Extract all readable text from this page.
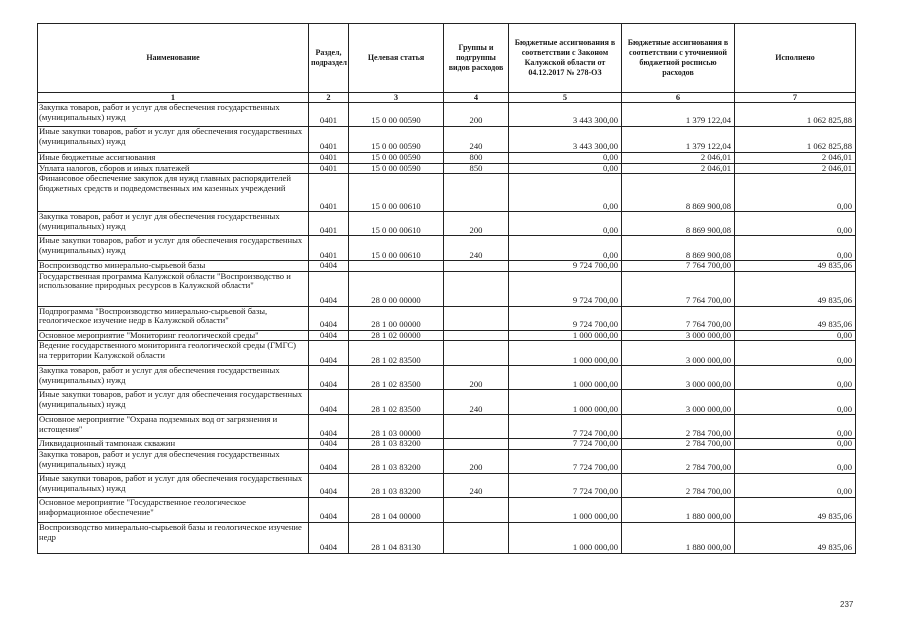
Наименование	Раздел, подраздел	Целевая статья	Группы и подгруппы видов расходов	Бюджетные ассигнования в соответствии с Законом Калужской области от 04.12.2017 № 278-ОЗ	Бюджетные ассигнования в соответствии с уточненной бюджетной росписью расходов	Исполнено
1	2	3	4	5	6	7
Закупка товаров, работ и услуг для обеспечения государственных (муниципальных) нужд	0401	15 0 00 00590	200	3 443 300,00	1 379 122,04	1 062 825,88
Иные закупки товаров, работ и услуг для обеспечения государственных (муниципальных) нужд	0401	15 0 00 00590	240	3 443 300,00	1 379 122,04	1 062 825,88
Иные бюджетные ассигнования	0401	15 0 00 00590	800	0,00	2 046,01	2 046,01
Уплата налогов, сборов и иных платежей	0401	15 0 00 00590	850	0,00	2 046,01	2 046,01
Финансовое обеспечение закупок для нужд главных распорядителей бюджетных средств и подведомственных им казенных учреждений	0401	15 0 00 00610		0,00	8 869 900,08	0,00
Закупка товаров, работ и услуг для обеспечения государственных (муниципальных) нужд	0401	15 0 00 00610	200	0,00	8 869 900,08	0,00
Иные закупки товаров, работ и услуг для обеспечения государственных (муниципальных) нужд	0401	15 0 00 00610	240	0,00	8 869 900,08	0,00
Воспроизводство минерально-сырьевой базы	0404			9 724 700,00	7 764 700,00	49 835,06
Государственная программа Калужской области "Воспроизводство и использование природных ресурсов в Калужской области"	0404	28 0 00 00000		9 724 700,00	7 764 700,00	49 835,06
Подпрограмма "Воспроизводство минерально-сырьевой базы, геологическое изучение недр в Калужской области"	0404	28 1 00 00000		9 724 700,00	7 764 700,00	49 835,06
Основное мероприятие "Мониторинг геологической среды"	0404	28 1 02 00000		1 000 000,00	3 000 000,00	0,00
Ведение государственного мониторинга геологической среды (ГМГС) на территории Калужской области	0404	28 1 02 83500		1 000 000,00	3 000 000,00	0,00
Закупка товаров, работ и услуг для обеспечения государственных (муниципальных) нужд	0404	28 1 02 83500	200	1 000 000,00	3 000 000,00	0,00
Иные закупки товаров, работ и услуг для обеспечения государственных (муниципальных) нужд	0404	28 1 02 83500	240	1 000 000,00	3 000 000,00	0,00
Основное мероприятие "Охрана подземных вод от загрязнения и истощения"	0404	28 1 03 00000		7 724 700,00	2 784 700,00	0,00
Ликвидационный тампонаж скважин	0404	28 1 03 83200		7 724 700,00	2 784 700,00	0,00
Закупка товаров, работ и услуг для обеспечения государственных (муниципальных) нужд	0404	28 1 03 83200	200	7 724 700,00	2 784 700,00	0,00
Иные закупки товаров, работ и услуг для обеспечения государственных (муниципальных) нужд	0404	28 1 03 83200	240	7 724 700,00	2 784 700,00	0,00
Основное мероприятие "Государственное геологическое информационное обеспечение"	0404	28 1 04 00000		1 000 000,00	1 880 000,00	49 835,06
Воспроизводство минерально-сырьевой базы и геологическое изучение недр	0404	28 1 04 83130		1 000 000,00	1 880 000,00	49 835,06
237
